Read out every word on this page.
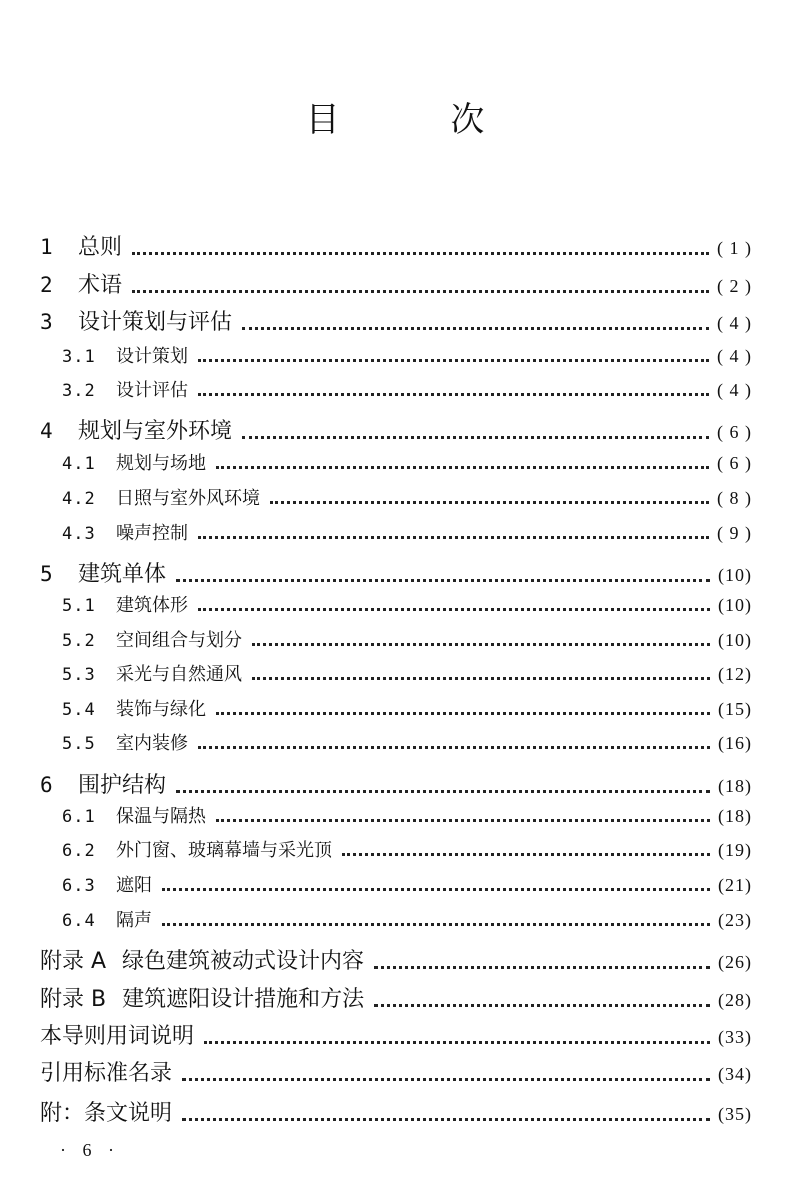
目 次
1	总则	( 1 )
2	术语	( 2 )
3	设计策划与评估	( 4 )
3.1	设计策划	( 4 )
3.2	设计评估	( 4 )
4	规划与室外环境	( 6 )
4.1	规划与场地	( 6 )
4.2	日照与室外风环境	( 8 )
4.3	噪声控制	( 9 )
5	建筑单体	(10)
5.1	建筑体形	(10)
5.2	空间组合与划分	(10)
5.3	采光与自然通风	(12)
5.4	装饰与绿化	(15)
5.5	室内装修	(16)
6	围护结构	(18)
6.1	保温与隔热	(18)
6.2	外门窗、玻璃幕墙与采光顶	(19)
6.3	遮阳	(21)
6.4	隔声	(23)
附录 A 绿色建筑被动式设计内容	(26)
附录 B 建筑遮阳设计措施和方法	(28)
本导则用词说明	(33)
引用标准名录	(34)
附：条文说明	(35)
· 6 ·
